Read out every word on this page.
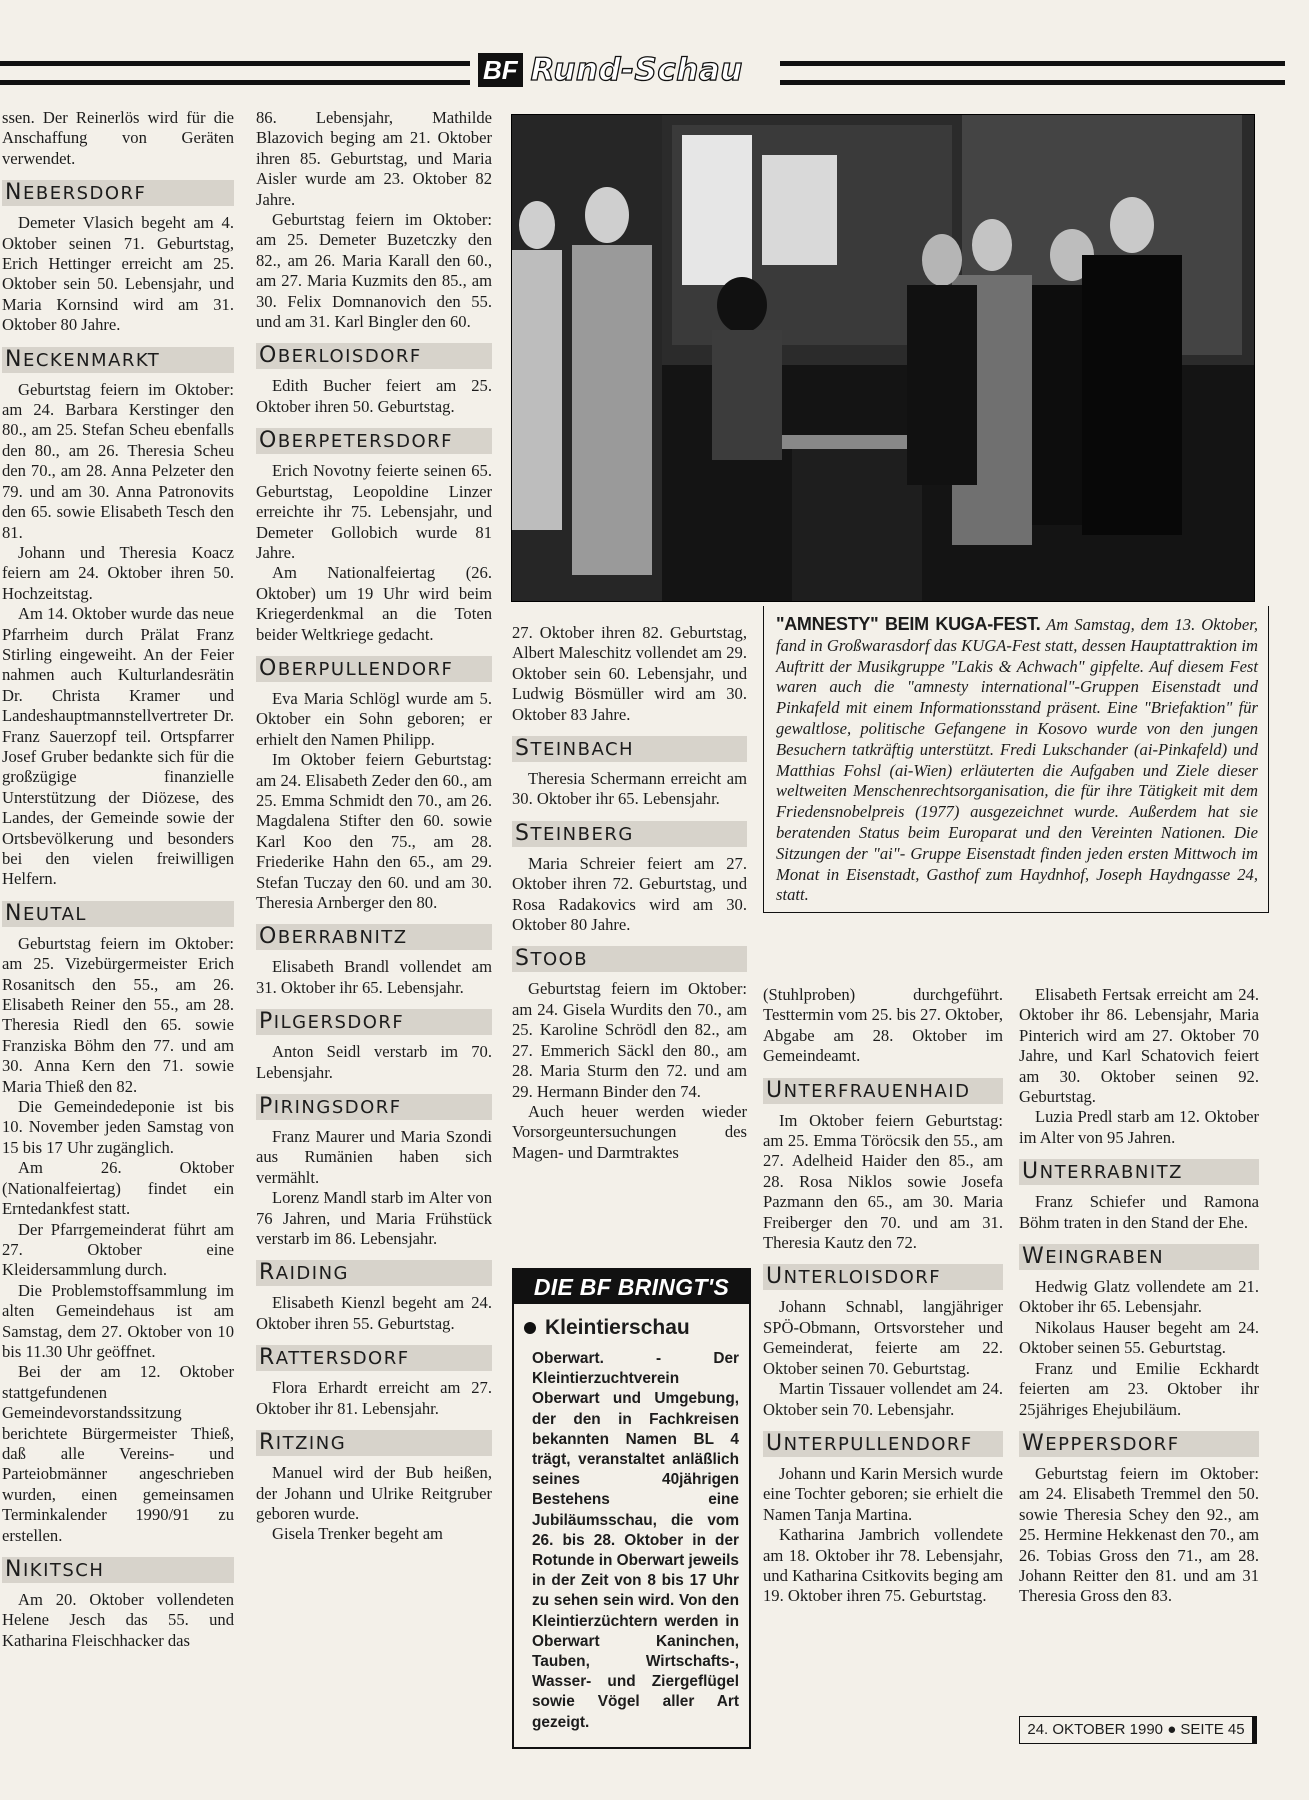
BF Rund-Schau

ssen. Der Reinerlös wird für die Anschaffung von Geräten verwendet.

NEBERSDORF

Demeter Vlasich begeht am 4. Oktober seinen 71. Geburtstag, Erich Hettinger erreicht am 25. Oktober sein 50. Lebensjahr, und Maria Kornsind wird am 31. Oktober 80 Jahre.

NECKENMARKT

Geburtstag feiern im Oktober: am 24. Barbara Kerstinger den 80., am 25. Stefan Scheu ebenfalls den 80., am 26. Theresia Scheu den 70., am 28. Anna Pelzeter den 79. und am 30. Anna Patronovits den 65. sowie Elisabeth Tesch den 81.

Johann und Theresia Koacz feiern am 24. Oktober ihren 50. Hochzeitstag.

Am 14. Oktober wurde das neue Pfarrheim durch Prälat Franz Stirling eingeweiht. An der Feier nahmen auch Kulturlandesrätin Dr. Christa Kramer und Landeshauptmannstellvertreter Dr. Franz Sauerzopf teil. Ortspfarrer Josef Gruber bedankte sich für die großzügige finanzielle Unterstützung der Diözese, des Landes, der Gemeinde sowie der Ortsbevölkerung und besonders bei den vielen freiwilligen Helfern.

NEUTAL

Geburtstag feiern im Oktober: am 25. Vizebürgermeister Erich Rosanitsch den 55., am 26. Elisabeth Reiner den 55., am 28. Theresia Riedl den 65. sowie Franziska Böhm den 77. und am 30. Anna Kern den 71. sowie Maria Thieß den 82.

Die Gemeindedeponie ist bis 10. November jeden Samstag von 15 bis 17 Uhr zugänglich.

Am 26. Oktober (Nationalfeiertag) findet ein Erntedankfest statt.

Der Pfarrgemeinderat führt am 27. Oktober eine Kleidersammlung durch.

Die Problemstoffsammlung im alten Gemeindehaus ist am Samstag, dem 27. Oktober von 10 bis 11.30 Uhr geöffnet.

Bei der am 12. Oktober stattgefundenen Gemeindevorstandssitzung berichtete Bürgermeister Thieß, daß alle Vereins- und Parteiobmänner angeschrieben wurden, einen gemeinsamen Terminkalender 1990/91 zu erstellen.

NIKITSCH

Am 20. Oktober vollendeten Helene Jesch das 55. und Katharina Fleischhacker das

86. Lebensjahr, Mathilde Blazovich beging am 21. Oktober ihren 85. Geburtstag, und Maria Aisler wurde am 23. Oktober 82 Jahre.

Geburtstag feiern im Oktober: am 25. Demeter Buzetczky den 82., am 26. Maria Karall den 60., am 27. Maria Kuzmits den 85., am 30. Felix Domnanovich den 55. und am 31. Karl Bingler den 60.

OBERLOISDORF

Edith Bucher feiert am 25. Oktober ihren 50. Geburtstag.

OBERPETERSDORF

Erich Novotny feierte seinen 65. Geburtstag, Leopoldine Linzer erreichte ihr 75. Lebensjahr, und Demeter Gollobich wurde 81 Jahre.

Am Nationalfeiertag (26. Oktober) um 19 Uhr wird beim Kriegerdenkmal an die Toten beider Weltkriege gedacht.

OBERPULLENDORF

Eva Maria Schlögl wurde am 5. Oktober ein Sohn geboren; er erhielt den Namen Philipp.

Im Oktober feiern Geburtstag: am 24. Elisabeth Zeder den 60., am 25. Emma Schmidt den 70., am 26. Magdalena Stifter den 60. sowie Karl Koo den 75., am 28. Friederike Hahn den 65., am 29. Stefan Tuczay den 60. und am 30. Theresia Arnberger den 80.

OBERRABNITZ

Elisabeth Brandl vollendet am 31. Oktober ihr 65. Lebensjahr.

PILGERSDORF

Anton Seidl verstarb im 70. Lebensjahr.

PIRINGSDORF

Franz Maurer und Maria Szondi aus Rumänien haben sich vermählt.

Lorenz Mandl starb im Alter von 76 Jahren, und Maria Frühstück verstarb im 86. Lebensjahr.

RAIDING

Elisabeth Kienzl begeht am 24. Oktober ihren 55. Geburtstag.

RATTERSDORF

Flora Erhardt erreicht am 27. Oktober ihr 81. Lebensjahr.

RITZING

Manuel wird der Bub heißen, der Johann und Ulrike Reitgruber geboren wurde.

Gisela Trenker begeht am

"AMNESTY" BEIM KUGA-FEST. Am Samstag, dem 13. Oktober, fand in Großwarasdorf das KUGA-Fest statt, dessen Hauptattraktion im Auftritt der Musikgruppe "Lakis & Achwach" gipfelte. Auf diesem Fest waren auch die "amnesty international"-Gruppen Eisenstadt und Pinkafeld mit einem Informationsstand präsent. Eine "Briefaktion" für gewaltlose, politische Gefangene in Kosovo wurde von den jungen Besuchern tatkräftig unterstützt. Fredi Lukschander (ai-Pinkafeld) und Matthias Fohsl (ai-Wien) erläuterten die Aufgaben und Ziele dieser weltweiten Menschenrechtsorganisation, die für ihre Tätigkeit mit dem Friedensnobelpreis (1977) ausgezeichnet wurde. Außerdem hat sie beratenden Status beim Europarat und den Vereinten Nationen. Die Sitzungen der "ai"- Gruppe Eisenstadt finden jeden ersten Mittwoch im Monat in Eisenstadt, Gasthof zum Haydnhof, Joseph Haydngasse 24, statt.

27. Oktober ihren 82. Geburtstag, Albert Maleschitz vollendet am 29. Oktober sein 60. Lebensjahr, und Ludwig Bösmüller wird am 30. Oktober 83 Jahre.

STEINBACH

Theresia Schermann erreicht am 30. Oktober ihr 65. Lebensjahr.

STEINBERG

Maria Schreier feiert am 27. Oktober ihren 72. Geburtstag, und Rosa Radakovics wird am 30. Oktober 80 Jahre.

STOOB

Geburtstag feiern im Oktober: am 24. Gisela Wurdits den 70., am 25. Karoline Schrödl den 82., am 27. Emmerich Säckl den 80., am 28. Maria Sturm den 72. und am 29. Hermann Binder den 74.

Auch heuer werden wieder Vorsorgeuntersuchungen des Magen- und Darmtraktes

DIE BF BRINGT'S
Kleintierschau
Oberwart. - Der Kleintierzuchtverein Oberwart und Umgebung, der den in Fachkreisen bekannten Namen BL 4 trägt, veranstaltet anläßlich seines 40jährigen Bestehens eine Jubiläumsschau, die vom 26. bis 28. Oktober in der Rotunde in Oberwart jeweils in der Zeit von 8 bis 17 Uhr zu sehen sein wird. Von den Kleintierzüchtern werden in Oberwart Kaninchen, Tauben, Wirtschafts-, Wasser- und Ziergeflügel sowie Vögel aller Art gezeigt.

(Stuhlproben) durchgeführt. Testtermin vom 25. bis 27. Oktober, Abgabe am 28. Oktober im Gemeindeamt.

UNTERFRAUENHAID

Im Oktober feiern Geburtstag: am 25. Emma Töröcsik den 55., am 27. Adelheid Haider den 85., am 28. Rosa Niklos sowie Josefa Pazmann den 65., am 30. Maria Freiberger den 70. und am 31. Theresia Kautz den 72.

UNTERLOISDORF

Johann Schnabl, langjähriger SPÖ-Obmann, Ortsvorsteher und Gemeinderat, feierte am 22. Oktober seinen 70. Geburtstag.

Martin Tissauer vollendet am 24. Oktober sein 70. Lebensjahr.

UNTERPULLENDORF

Johann und Karin Mersich wurde eine Tochter geboren; sie erhielt die Namen Tanja Martina.

Katharina Jambrich vollendete am 18. Oktober ihr 78. Lebensjahr, und Katharina Csitkovits beging am 19. Oktober ihren 75. Geburtstag.

Elisabeth Fertsak erreicht am 24. Oktober ihr 86. Lebensjahr, Maria Pinterich wird am 27. Oktober 70 Jahre, und Karl Schatovich feiert am 30. Oktober seinen 92. Geburtstag.

Luzia Predl starb am 12. Oktober im Alter von 95 Jahren.

UNTERRABNITZ

Franz Schiefer und Ramona Böhm traten in den Stand der Ehe.

WEINGRABEN

Hedwig Glatz vollendete am 21. Oktober ihr 65. Lebensjahr.

Nikolaus Hauser begeht am 24. Oktober seinen 55. Geburtstag.

Franz und Emilie Eckhardt feierten am 23. Oktober ihr 25jähriges Ehejubiläum.

WEPPERSDORF

Geburtstag feiern im Oktober: am 24. Elisabeth Tremmel den 50. sowie Theresia Schey den 92., am 25. Hermine Hekkenast den 70., am 26. Tobias Gross den 71., am 28. Johann Reitter den 81. und am 31 Theresia Gross den 83.

24. OKTOBER 1990 ● SEITE 45
